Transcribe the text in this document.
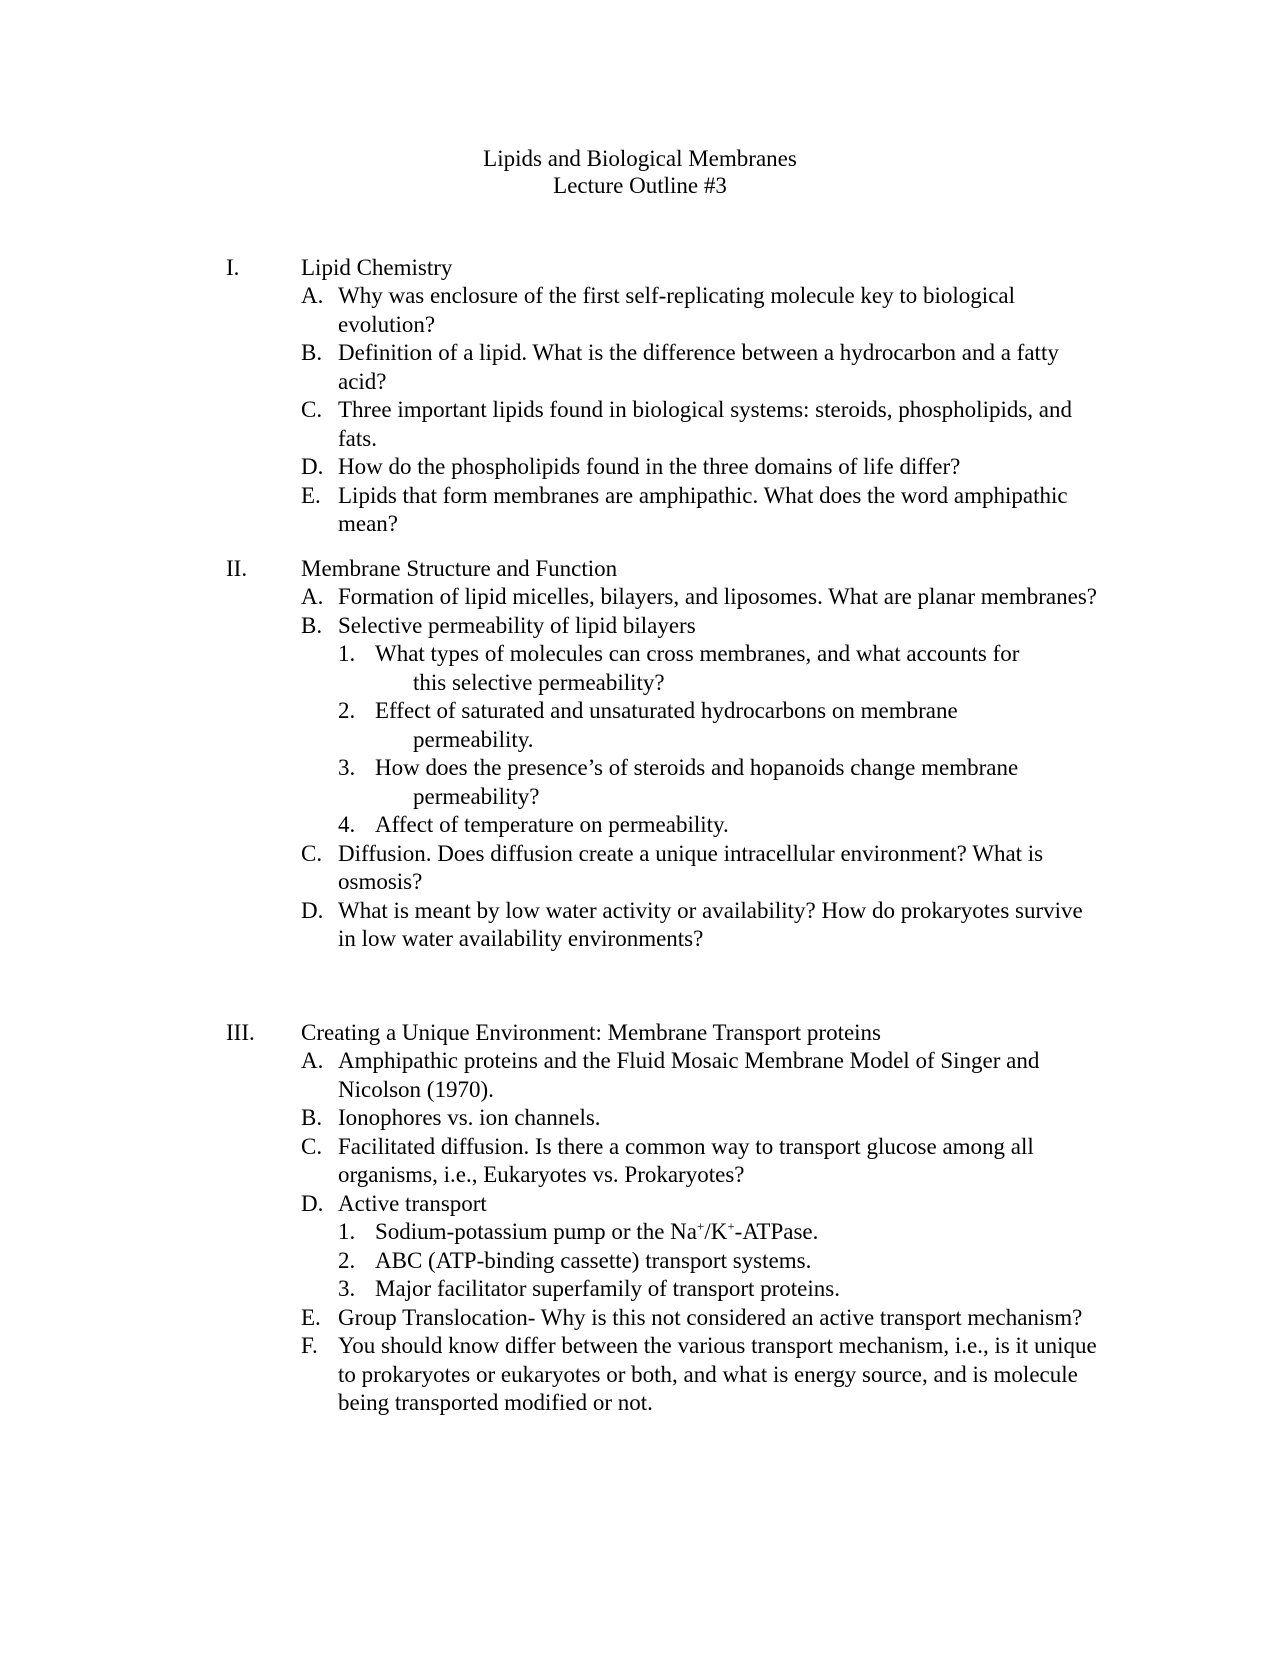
Lipids and Biological Membranes
Lecture Outline #3
I.	Lipid Chemistry
A. Why was enclosure of the first self-replicating molecule key to biological evolution?
B. Definition of a lipid. What is the difference between a hydrocarbon and a fatty acid?
C. Three important lipids found in biological systems: steroids, phospholipids, and fats.
D. How do the phospholipids found in the three domains of life differ?
E. Lipids that form membranes are amphipathic. What does the word amphipathic mean?
II. Membrane Structure and Function
A. Formation of lipid micelles, bilayers, and liposomes. What are planar membranes?
B. Selective permeability of lipid bilayers
1. What types of molecules can cross membranes, and what accounts for
this selective permeability?
2. Effect of saturated and unsaturated hydrocarbons on membrane
permeability.
3. How does the presence’s of steroids and hopanoids change membrane
permeability?
4. Affect of temperature on permeability.
C. Diffusion. Does diffusion create a unique intracellular environment? What is osmosis?
D. What is meant by low water activity or availability? How do prokaryotes survive in low water availability environments?
III. Creating a Unique Environment: Membrane Transport proteins
A. Amphipathic proteins and the Fluid Mosaic Membrane Model of Singer and Nicolson (1970).
B. Ionophores vs. ion channels.
C. Facilitated diffusion. Is there a common way to transport glucose among all organisms, i.e., Eukaryotes vs. Prokaryotes?
D. Active transport
1. Sodium-potassium pump or the Na+/K+-ATPase.
2. ABC (ATP-binding cassette) transport systems.
3. Major facilitator superfamily of transport proteins.
E. Group Translocation- Why is this not considered an active transport mechanism?
F. You should know differ between the various transport mechanism, i.e., is it unique to prokaryotes or eukaryotes or both, and what is energy source, and is molecule being transported modified or not.
